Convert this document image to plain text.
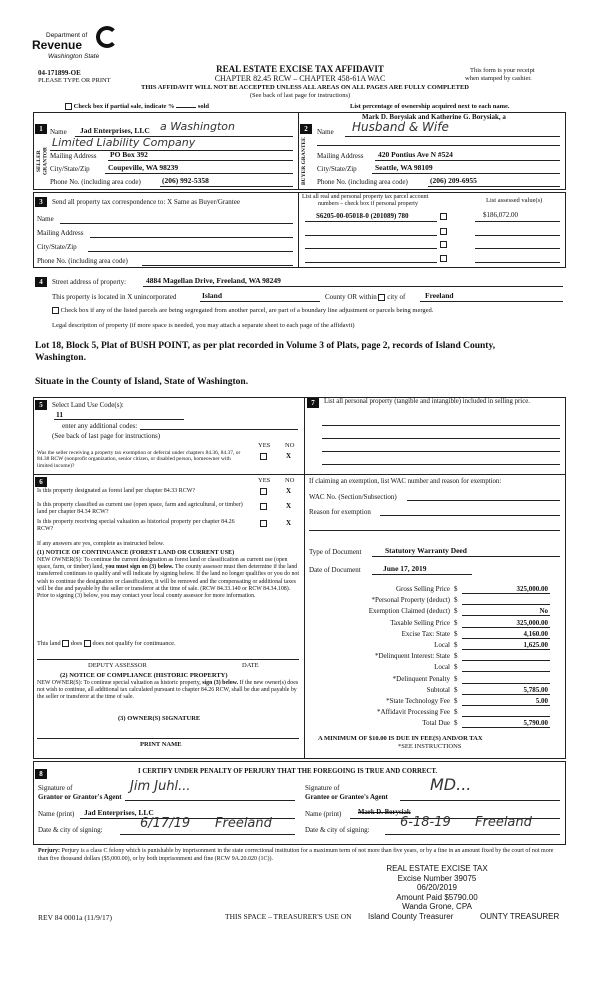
Department of
Revenue
Washington State
04-171899-OE
PLEASE TYPE OR PRINT
REAL ESTATE EXCISE TAX AFFIDAVIT
CHAPTER 82.45 RCW – CHAPTER 458-61A WAC
THIS AFFIDAVIT WILL NOT BE ACCEPTED UNLESS ALL AREAS ON ALL PAGES ARE FULLY COMPLETED
(See back of last page for instructions)
This form is your receipt
when stamped by cashier.
Check box if partial sale, indicate %	sold	List percentage of ownership acquired next to each name.
1
SELLER GRANTOR
Name Jad Enterprises, LLC a Washington
Limited Liability Company
Mailing Address PO Box 392
City/State/Zip Coupeville, WA 98239
Phone No. (including area code)	(206) 992-5358
Mark D. Borysiak and Katherine G. Borysiak, a
2
BUYER GRANTEE
Name Husband & Wife
Mailing Address 420 Pontius Ave N #524
City/State/Zip Seattle, WA 98109
Phone No. (including area code)	(206) 209-6955
3	Send all property tax correspondence to: X Same as Buyer/Grantee
Name
Mailing Address
City/State/Zip
Phone No. (including area code)
List all real and personal property tax parcel account
numbers – check box if personal property	List assessed value(s)
S6205-00-05018-0 (201089) 780	$186,072.00
4	Street address of property:	4884 Magellan Drive, Freeland, WA 98249
This property is located in X unincorporated	Island	County OR within city of	Freeland
Check box if any of the listed parcels are being segregated from another parcel, are part of a boundary line adjustment or parcels being merged.
Legal description of property (if more space is needed, you may attach a separate sheet to each page of the affidavit)
Lot 18, Block 5, Plat of BUSH POINT, as per plat recorded in Volume 3 of Plats, page 2, records of Island County,
Washington.
Situate in the County of Island, State of Washington.
5	Select Land Use Code(s):
11
enter any additional codes:
(See back of last page for instructions)
YES NO
Was the seller receiving a property tax exemption or deferral under chapters 84.36, 84.37, or 84.38 RCW (nonprofit organization, senior citizen, or disabled person, homeowner with limited income)?
X
6	YES NO
Is this property designated as forest land per chapter 84.33 RCW?	X
Is this property classified as current use (open space, farm and agricultural, or timber) land per chapter 84.34 RCW?
X
Is this property receiving special valuation as historical property per chapter 84.26 RCW?
X
If any answers are yes, complete as instructed below.
(1) NOTICE OF CONTINUANCE (FOREST LAND OR CURRENT USE)
NEW OWNER(S): To continue the current designation as forest land or classification as current use (open space, farm, or timber) land, you must sign on (3) below. The county assessor must then determine if the land transferred continues to qualify and will indicate by signing below. If the land no longer qualifies or you do not wish to continue the designation or classification, it will be removed and the compensating or additional taxes will be due and payable by the seller or transferor at the time of sale. (RCW 84.33.140 or RCW 84.34.108). Prior to signing (3) below, you may contact your local county assessor for more information.
This land does does not qualify for continuance.
DEPUTY ASSESSOR	DATE
(2) NOTICE OF COMPLIANCE (HISTORIC PROPERTY)
NEW OWNER(S): To continue special valuation as historic property, sign (3) below. If the new owner(s) does not wish to continue, all additional tax calculated pursuant to chapter 84.26 RCW, shall be due and payable by the seller or transferor at the time of sale.
(3) OWNER(S) SIGNATURE
PRINT NAME
7	List all personal property (tangible and intangible) included in selling price.
If claiming an exemption, list WAC number and reason for exemption:
WAC No. (Section/Subsection)
Reason for exemption
Type of Document	Statutory Warranty Deed
Date of Document	June 17, 2019
Gross Selling Price $	325,000.00
*Personal Property (deduct) $

Exemption Claimed (deduct) $	No
Taxable Selling Price $	325,000.00
Excise Tax: State $	4,160.00
Local $	1,625.00
*Delinquent Interest: State $

Local $

*Delinquent Penalty $

Subtotal $	5,785.00
*State Technology Fee $	5.00
*Affidavit Processing Fee $

Total Due $	5,790.00
A MINIMUM OF $10.00 IS DUE IN FEE(S) AND/OR TAX
*SEE INSTRUCTIONS
8	I CERTIFY UNDER PENALTY OF PERJURY THAT THE FOREGOING IS TRUE AND CORRECT.
Signature of
Grantor or Grantor's Agent
Jim Juhl...
Name (print) Jad Enterprises, LLC
Date & city of signing:	6/17/19 Freeland
Signature of
Grantee or Grantee's Agent
MD...
Name (print) Mark D. Borysiak
Date & city of signing: 6-18-19 Freeland
Perjury: Perjury is a class C felony which is punishable by imprisonment in the state correctional institution for a maximum term of not more than five years, or by a fine in an amount fixed by the court of not more than five thousand dollars ($5,000.00), or by both imprisonment and fine (RCW 9A.20.020 (1C)).
REAL ESTATE EXCISE TAX
Excise Number 39075
06/20/2019
Amount Paid $5790.00
Wanda Grone, CPA
REV 84 0001a (11/9/17)	THIS SPACE – TREASURER'S USE ON Island County Treasurer	OUNTY TREASURER
